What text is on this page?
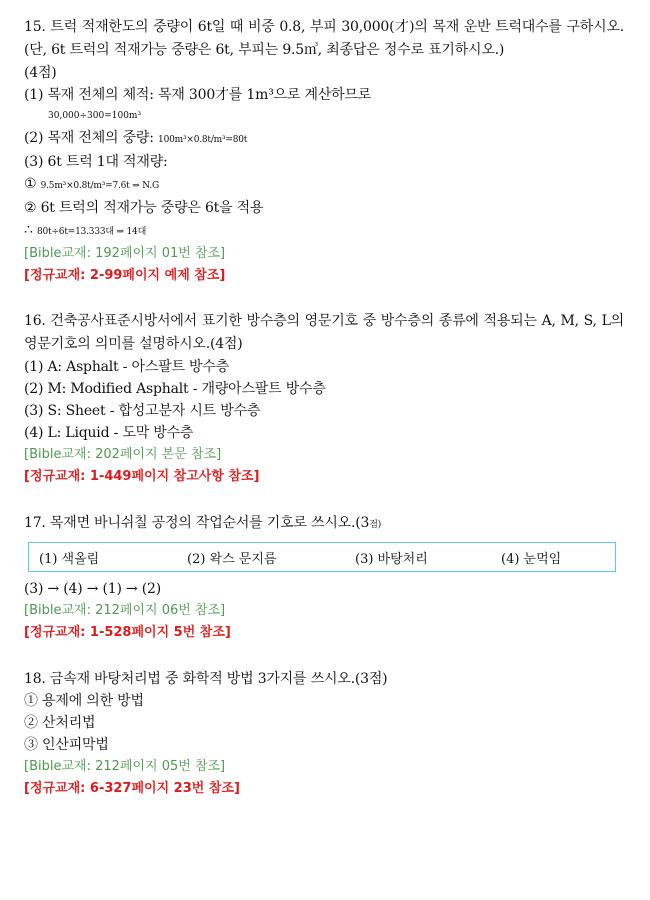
15. 트럭 적재한도의 중량이 6t일 때 비중 0.8, 부피 30,000(才)의 목재 운반 트럭대수를 구하시오. (단, 6t 트럭의 적재가능 중량은 6t, 부피는 9.5㎥, 최종답은 정수로 표기하시오.)
(4점)
(1) 목재 전체의 체적: 목재 300才를 1m³으로 계산하므로
30,000÷300=100m³
(2) 목재 전체의 중량: 100m³×0.8t/m³=80t
(3) 6t 트럭 1대 적재량:
① 9.5m³×0.8t/m³=7.6t ⇒ N.G
② 6t 트럭의 적재가능 중량은 6t을 적용
∴ 80t÷6t=13.333대 ⇒ 14대
[Bible교재: 192페이지 01번 참조]
[정규교재: 2-99페이지 예제 참조]
16. 건축공사표준시방서에서 표기한 방수층의 영문기호 중 방수층의 종류에 적용되는 A, M, S, L의 영문기호의 의미를 설명하시오.(4점)
(1) A: Asphalt - 아스팔트 방수층
(2) M: Modified Asphalt - 개량아스팔트 방수층
(3) S: Sheet - 합성고분자 시트 방수층
(4) L: Liquid - 도막 방수층
[Bible교재: 202페이지 본문 참조]
[정규교재: 1-449페이지 참고사항 참조]
17. 목재면 바니쉬칠 공정의 작업순서를 기호로 쓰시오.(3점)
(1) 색올림	(2) 왁스 문지름	(3) 바탕처리	(4) 눈먹임
(3) → (4) → (1) → (2)
[Bible교재: 212페이지 06번 참조]
[정규교재: 1-528페이지 5번 참조]
18. 금속재 바탕처리법 중 화학적 방법 3가지를 쓰시오.(3점)
① 용제에 의한 방법
② 산처리법
③ 인산피막법
[Bible교재: 212페이지 05번 참조]
[정규교재: 6-327페이지 23번 참조]
